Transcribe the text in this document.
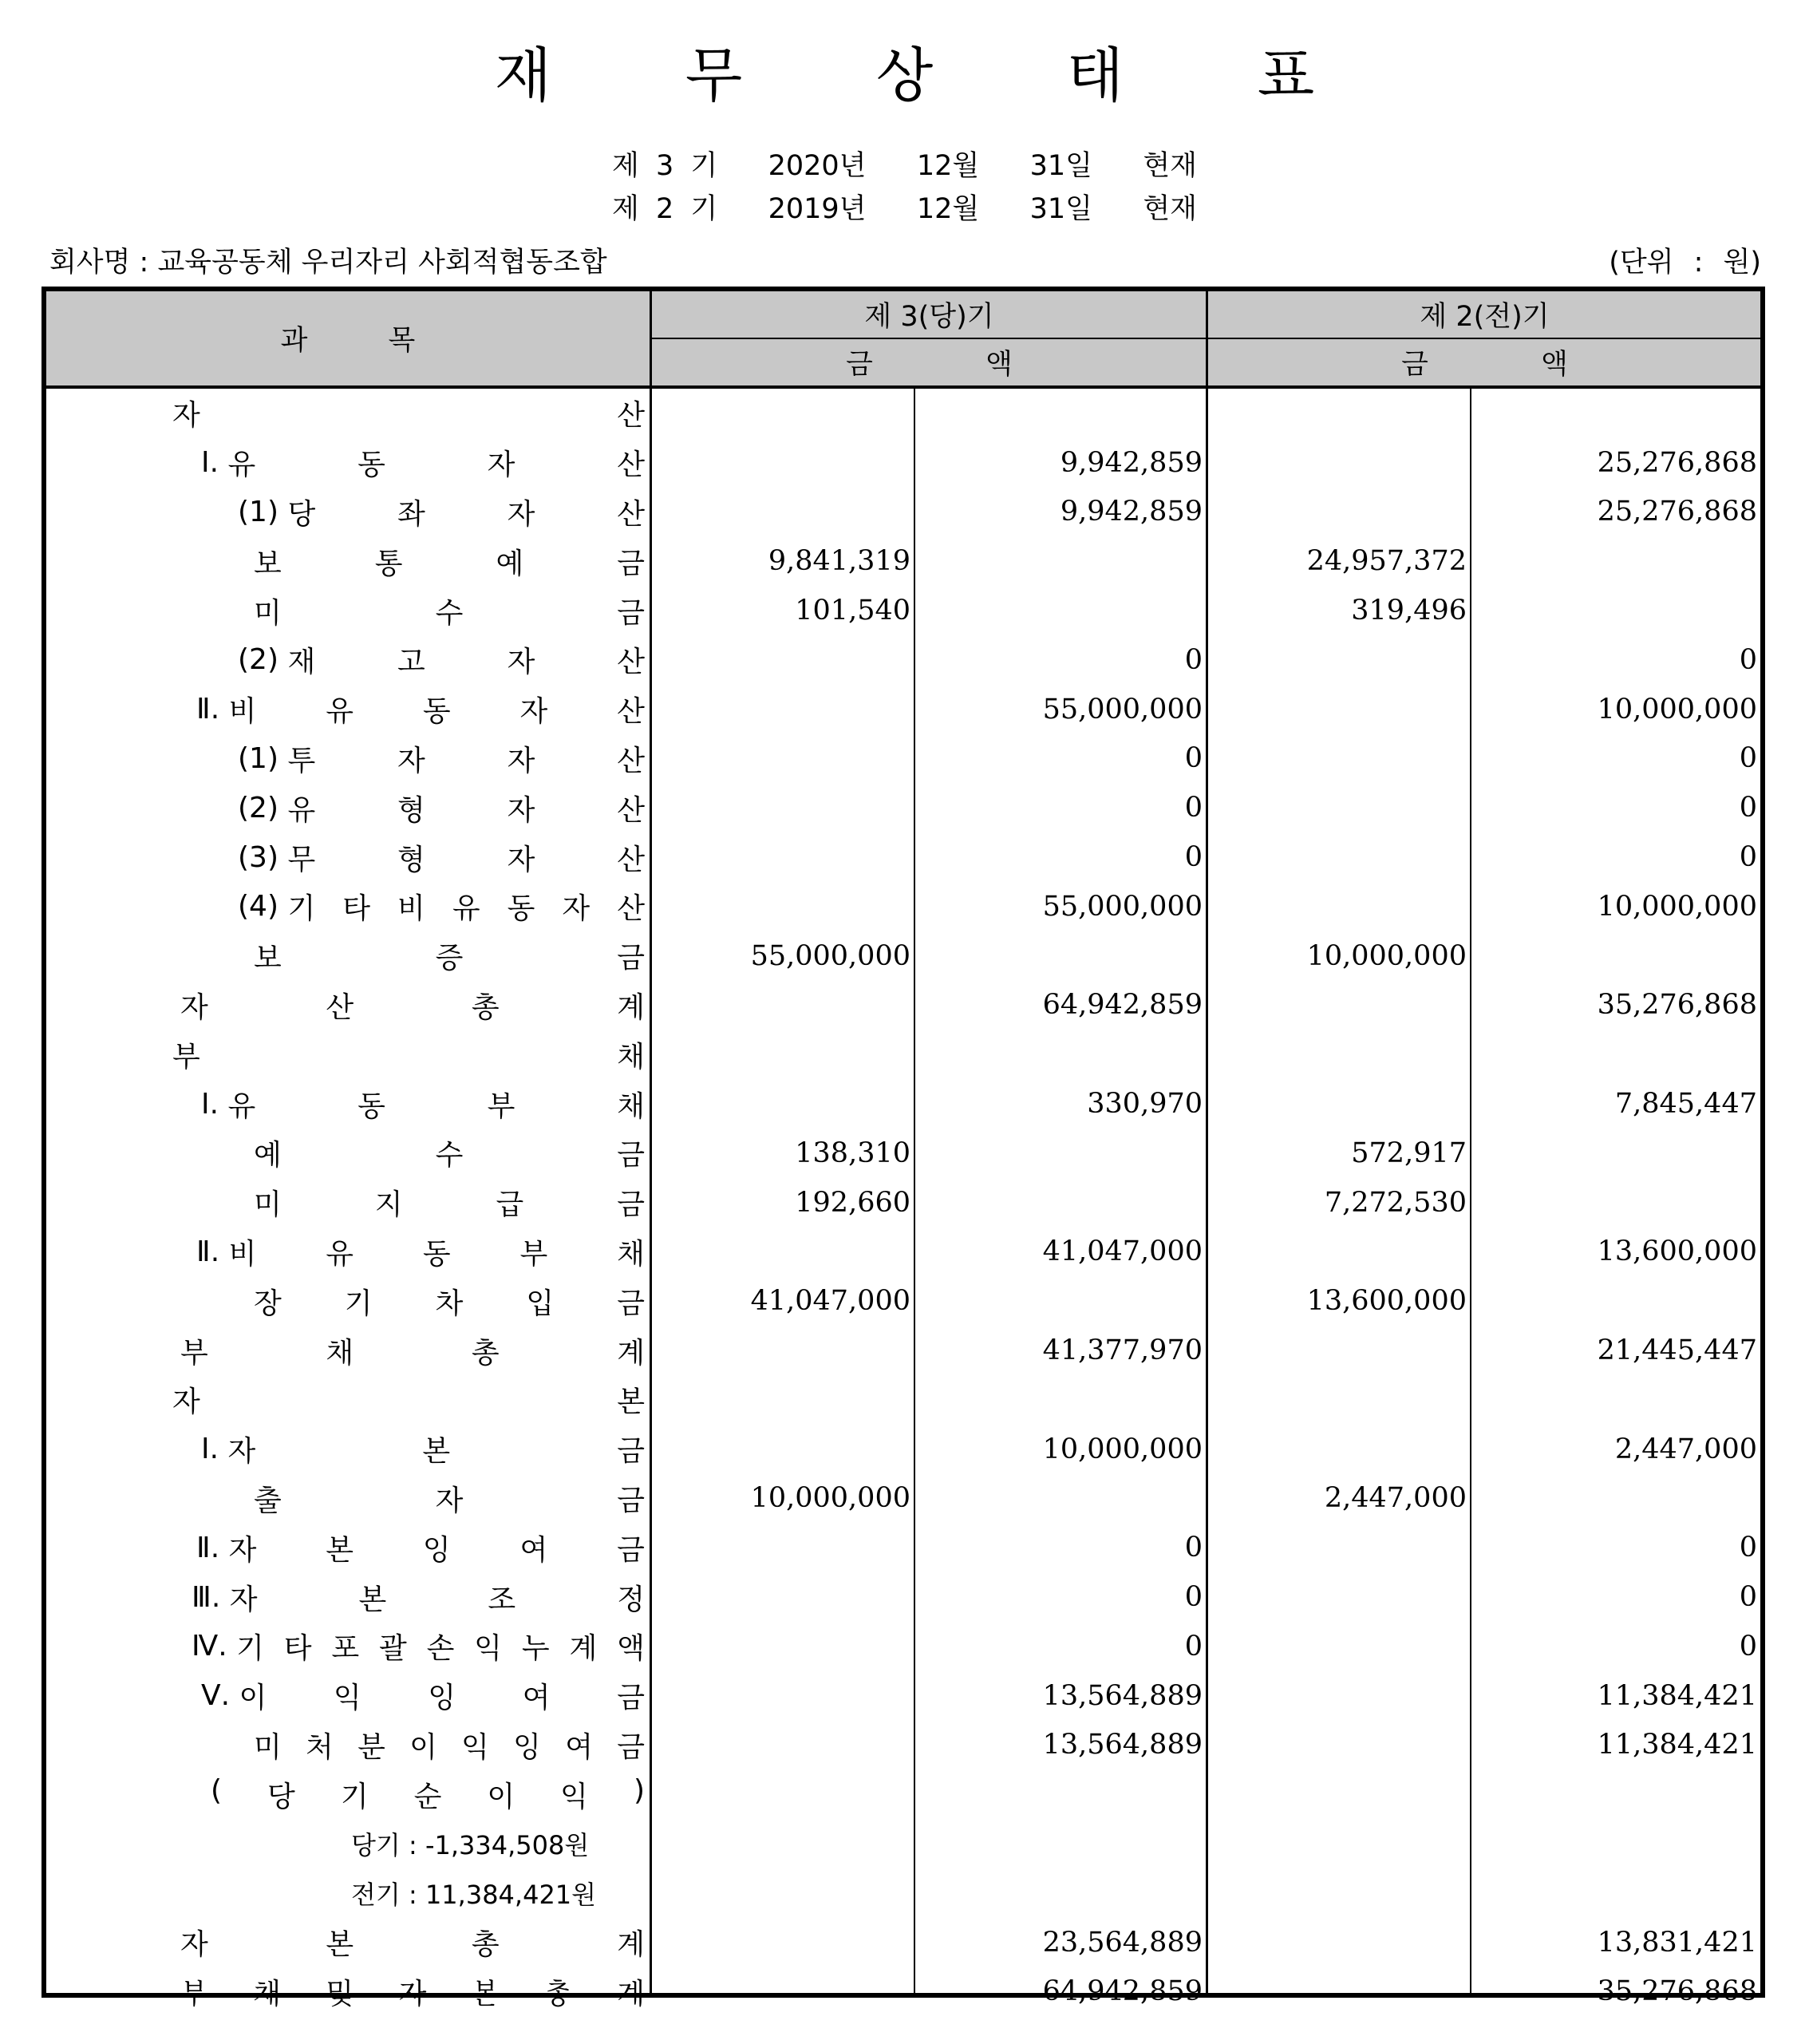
재 무 상 태 표
제 3 기 2020년 12월 31일 현재
제 2 기 2019년 12월 31일 현재
회사명 : 교육공동체 우리자리 사회적협동조합	(단위 : 원)
과 목
제 3(당)기	제 2(전)기
금 액	금 액
자	산
Ⅰ. 유	동	자	산	9,942,859	25,276,868
(1) 당	좌	자	산	9,942,859	25,276,868
보	통	예	금	9,841,319	24,957,372
미	수	금	101,540	319,496
(2) 재	고	자	산	0	0
Ⅱ. 비 유 동 자 산	55,000,000	10,000,000
(1) 투	자	자	산	0	0
(2) 유	형	자	산	0	0
(3) 무	형	자	산	0	0
(4) 기 타 비 유 동 자 산	55,000,000	10,000,000
보	증	금	55,000,000	10,000,000
자	산	총	계	64,942,859	35,276,868
부	채
Ⅰ. 유	동	부	채	330,970	7,845,447
예	수	금	138,310	572,917
미	지	급	금	192,660	7,272,530
Ⅱ. 비 유 동 부 채	41,047,000	13,600,000
장 기 차 입 금	41,047,000	13,600,000
부	채	총	계	41,377,970	21,445,447
자	본
Ⅰ. 자	본	금	10,000,000	2,447,000
출	자	금	10,000,000	2,447,000
Ⅱ. 자 본 잉 여 금	0	0
Ⅲ. 자	본	조	정	0	0
Ⅳ. 기 타 포 괄 손 익 누 계 액	0	0
Ⅴ. 이 익 잉 여 금	13,564,889	11,384,421
미 처 분 이 익 잉 여 금	13,564,889	11,384,421
( 당 기 순 이 익 )
당기 : -1,334,508원
전기 : 11,384,421원
자	본	총	계	23,564,889	13,831,421
부 채 및 자 본 총 계	64,942,859	35,276,868
